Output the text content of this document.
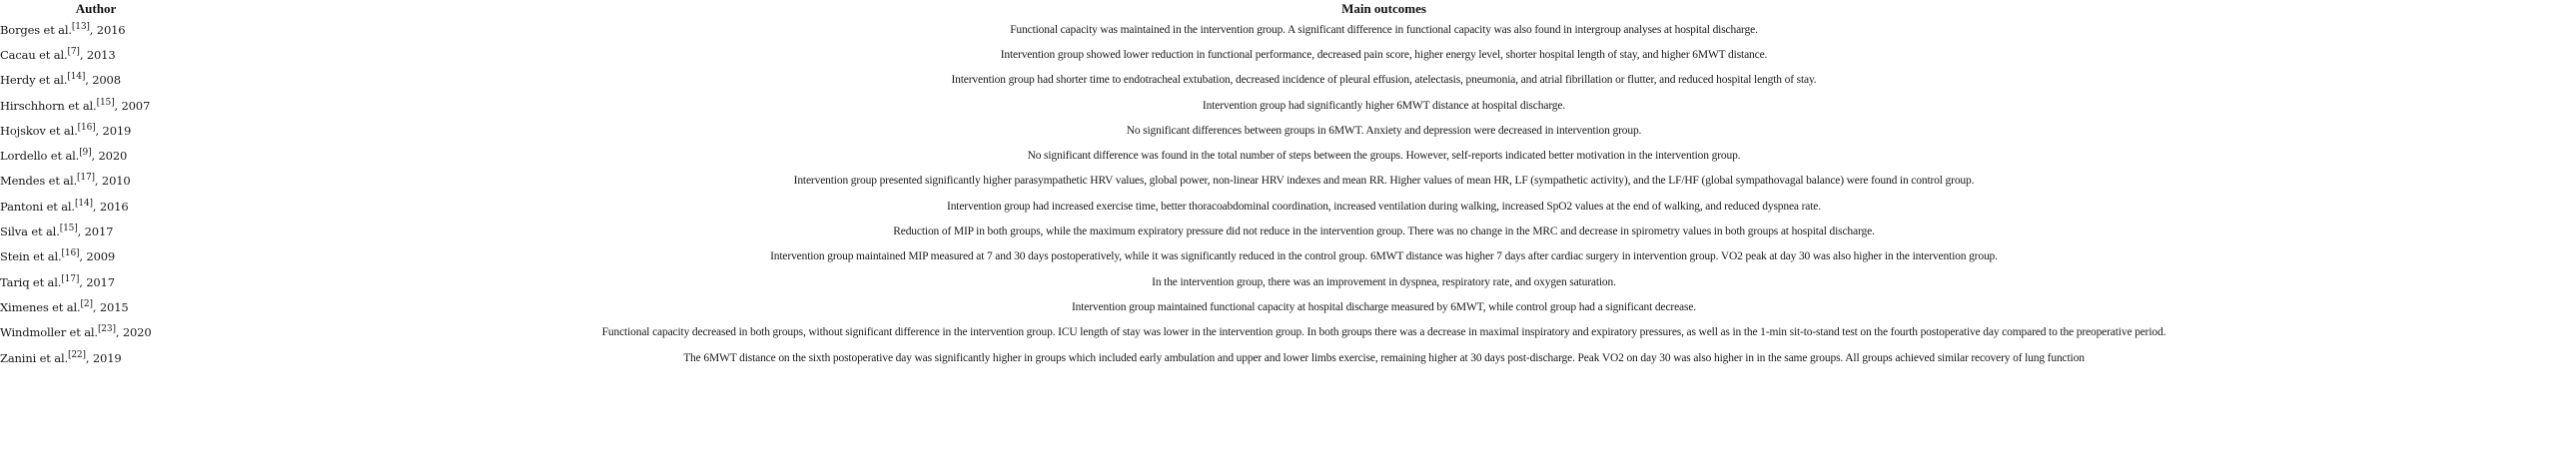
Author	Main outcomes
Borges et al.[13], 2016	Functional capacity was maintained in the intervention group. A significant difference in functional capacity was also found in intergroup analyses at hospital discharge.
Cacau et al.[7], 2013	Intervention group showed lower reduction in functional performance, decreased pain score, higher energy level, shorter hospital length of stay, and higher 6MWT distance.
Herdy et al.[14], 2008	Intervention group had shorter time to endotracheal extubation, decreased incidence of pleural effusion, atelectasis, pneumonia, and atrial fibrillation or flutter, and reduced hospital length of stay.
Hirschhorn et al.[15], 2007	Intervention group had significantly higher 6MWT distance at hospital discharge.
Hojskov et al.[16], 2019	No significant differences between groups in 6MWT. Anxiety and depression were decreased in intervention group.
Lordello et al.[9], 2020	No significant difference was found in the total number of steps between the groups. However, self-reports indicated better motivation in the intervention group.
Mendes et al.[17], 2010	Intervention group presented significantly higher parasympathetic HRV values, global power, non-linear HRV indexes and mean RR. Higher values of mean HR, LF (sympathetic activity), and the LF/HF (global sympathovagal balance) were found in control group.
Pantoni et al.[14], 2016	Intervention group had increased exercise time, better thoracoabdominal coordination, increased ventilation during walking, increased SpO2 values at the end of walking, and reduced dyspnea rate.
Silva et al.[15], 2017	Reduction of MIP in both groups, while the maximum expiratory pressure did not reduce in the intervention group. There was no change in the MRC and decrease in spirometry values in both groups at hospital discharge.
Stein et al.[16], 2009	Intervention group maintained MIP measured at 7 and 30 days postoperatively, while it was significantly reduced in the control group. 6MWT distance was higher 7 days after cardiac surgery in intervention group. VO2 peak at day 30 was also higher in the intervention group.
Tariq et al.[17], 2017	In the intervention group, there was an improvement in dyspnea, respiratory rate, and oxygen saturation.
Ximenes et al.[2], 2015	Intervention group maintained functional capacity at hospital discharge measured by 6MWT, while control group had a significant decrease.
Windmoller et al.[23], 2020	Functional capacity decreased in both groups, without significant difference in the intervention group. ICU length of stay was lower in the intervention group. In both groups there was a decrease in maximal inspiratory and expiratory pressures, as well as in the 1-min sit-to-stand test on the fourth postoperative day compared to the preoperative period.
Zanini et al.[22], 2019	The 6MWT distance on the sixth postoperative day was significantly higher in groups which included early ambulation and upper and lower limbs exercise, remaining higher at 30 days post-discharge. Peak VO2 on day 30 was also higher in in the same groups. All groups achieved similar recovery of lung function
